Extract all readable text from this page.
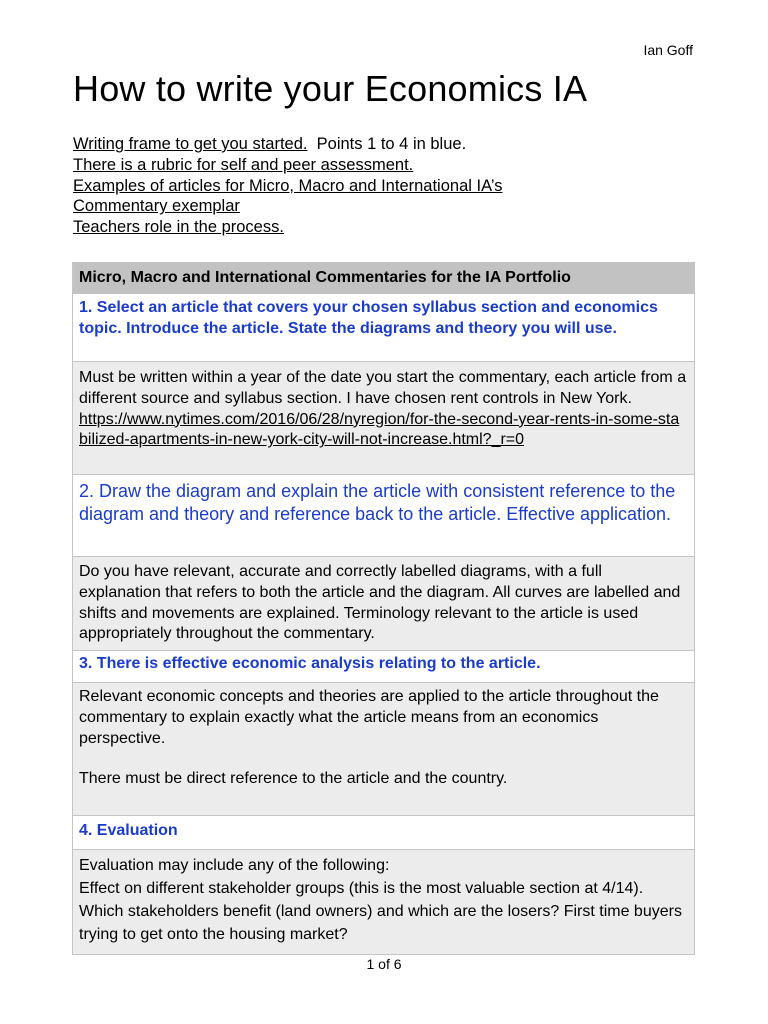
Ian Goff
How to write your Economics IA
Writing frame to get you started.  Points 1 to 4 in blue.
There is a rubric for self and peer assessment.
Examples of articles for Micro, Macro and International IA’s
Commentary exemplar
Teachers role in the process.
Micro, Macro and International Commentaries for the IA Portfolio
1. Select an article that covers your chosen syllabus section and economics topic. Introduce the article. State the diagrams and theory you will use.

Must be written within a year of the date you start the commentary, each article from a different source and syllabus section. I have chosen rent controls in New York.
https://www.nytimes.com/2016/06/28/nyregion/for-the-second-year-rents-in-some-stabilized-apartments-in-new-york-city-will-not-increase.html?_r=0
2. Draw the diagram and explain the article with consistent reference to the diagram and theory and reference back to the article. Effective application.
Do you have relevant, accurate and correctly labelled diagrams, with a full explanation that refers to both the article and the diagram. All curves are labelled and shifts and movements are explained. Terminology relevant to the article is used appropriately throughout the commentary.
3. There is effective economic analysis relating to the article.

Relevant economic concepts and theories are applied to the article throughout the commentary to explain exactly what the article means from an economics perspective.
There must be direct reference to the article and the country.

4. Evaluation

Evaluation may include any of the following:
Effect on different stakeholder groups (this is the most valuable section at 4/14). Which stakeholders benefit (land owners) and which are the losers? First time buyers trying to get onto the housing market?
1 of 6
